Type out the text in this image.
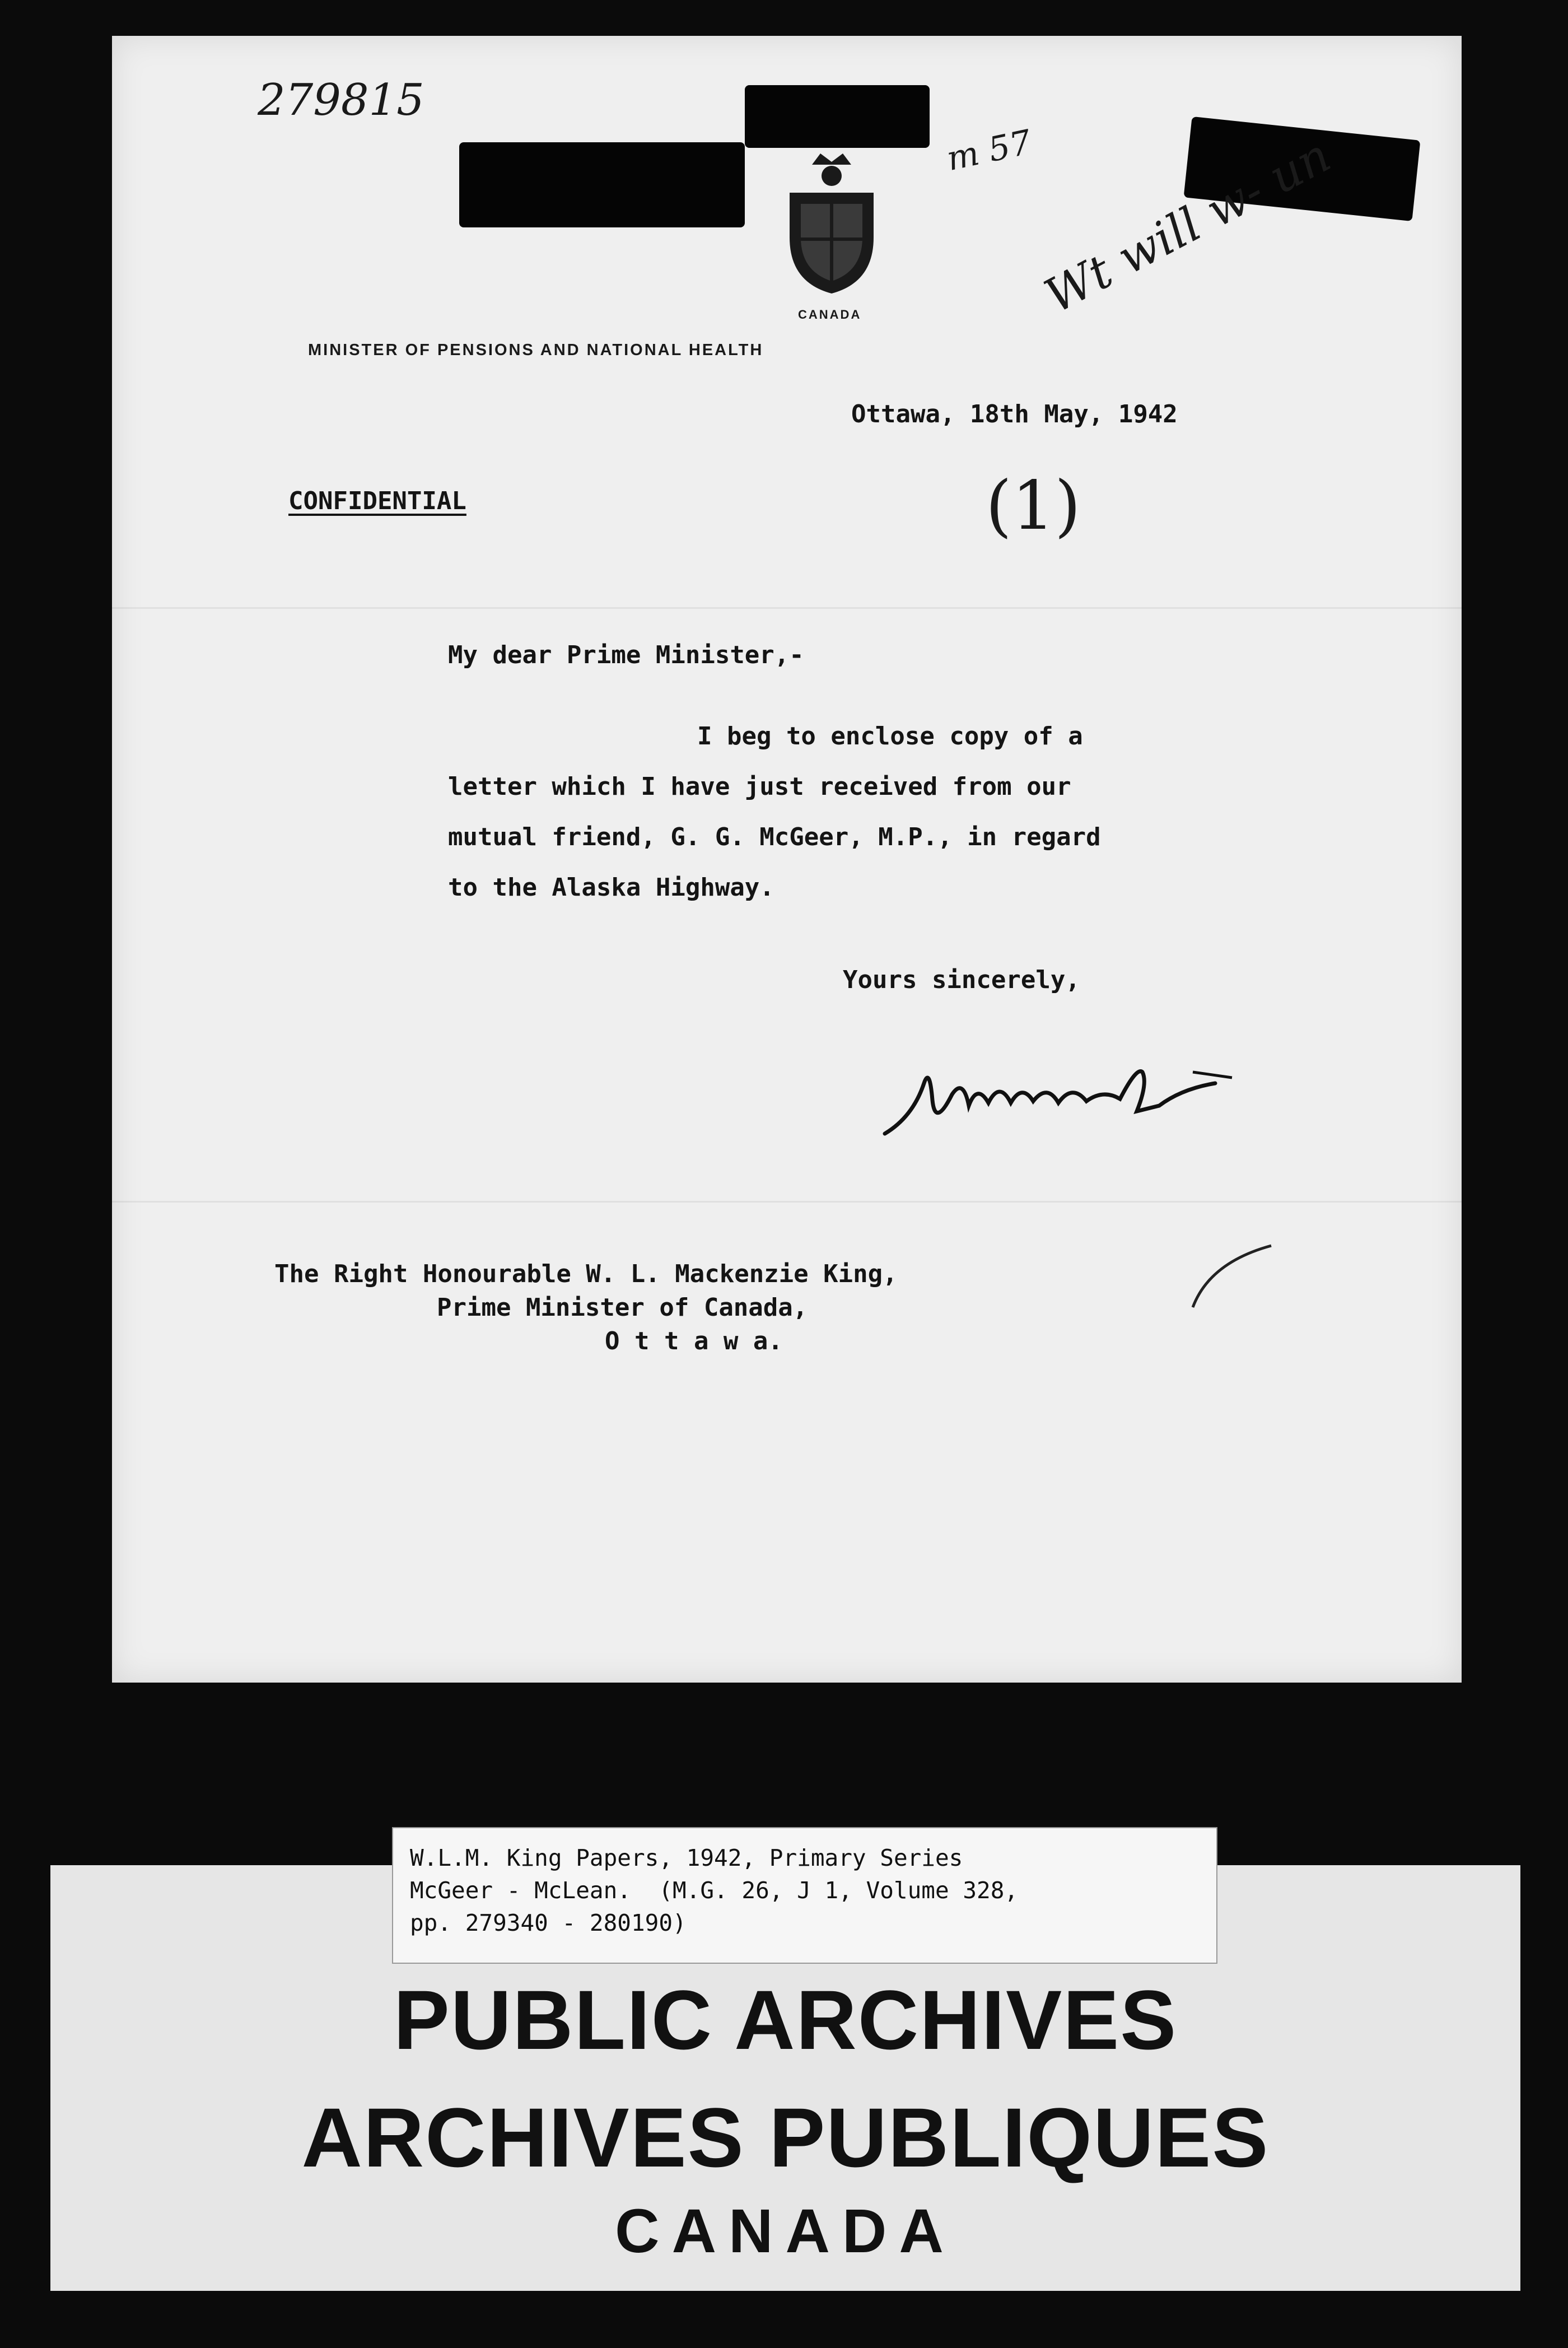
279815
m 57 Wt will w- un
CANADA
MINISTER OF PENSIONS AND NATIONAL HEALTH
Ottawa, 18th May, 1942
CONFIDENTIAL	(1)
My dear Prime Minister,-
I beg to enclose copy of a
letter which I have just received from our
mutual friend, G. G. McGeer, M.P., in regard
to the Alaska Highway.
Yours sincerely,
The Right Honourable W. L. Mackenzie King,
Prime Minister of Canada,
O t t a w a.
PUBLIC ARCHIVES
ARCHIVES PUBLIQUES
CANADA
W.L.M. King Papers, 1942, Primary Series
McGeer - McLean.  (M.G. 26, J 1, Volume 328,
pp. 279340 - 280190)
